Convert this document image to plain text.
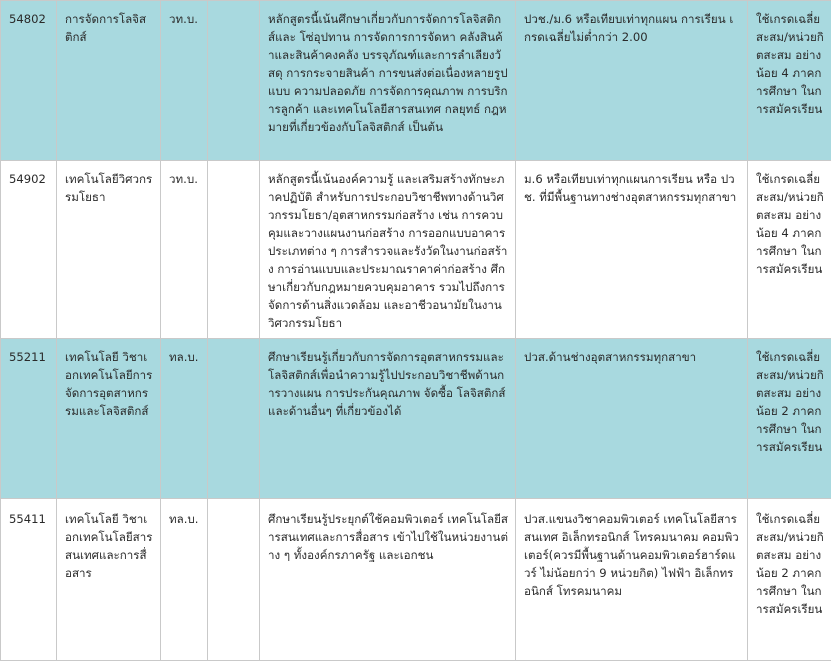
54802	การจัดการโลจิสติกส์	วท.บ.		หลักสูตรนี้เน้นศึกษาเกี่ยวกับการจัดการโลจิสติกส์และ โซ่อุปทาน การจัดการการจัดหา คลังสินค้าและสินค้าคงคลัง บรรจุภัณฑ์และการลำเลียงวัสดุ การกระจายสินค้า การขนส่งต่อเนื่องหลายรูปแบบ ความปลอดภัย การจัดการคุณภาพ การบริการลูกค้า และเทคโนโลยีสารสนเทศ กลยุทธ์ กฎหมายที่เกี่ยวข้องกับโลจิสติกส์ เป็นต้น	ปวช./ม.6 หรือเทียบเท่าทุกแผน การเรียน เกรดเฉลี่ยไม่ต่ำกว่า 2.00	ใช้เกรดเฉลี่ยสะสม/หน่วยกิตสะสม อย่างน้อย 4 ภาคการศึกษา ในการสมัครเรียน
54902	เทคโนโลยีวิศวกรรมโยธา	วท.บ.		หลักสูตรนี้เน้นองค์ความรู้ และเสริมสร้างทักษะภาคปฏิบัติ สำหรับการประกอบวิชาชีพทางด้านวิศวกรรมโยธา/อุตสาหกรรมก่อสร้าง เช่น การควบคุมและวางแผนงานก่อสร้าง การออกแบบอาคารประเภทต่าง ๆ การสำรวจและรังวัดในงานก่อสร้าง การอ่านแบบและประมาณราคาค่าก่อสร้าง ศึกษาเกี่ยวกับกฎหมายควบคุมอาคาร รวมไปถึงการจัดการด้านสิ่งแวดล้อม และอาชีวอนามัยในงานวิศวกรรมโยธา	ม.6 หรือเทียบเท่าทุกแผนการเรียน หรือ ปวช. ที่มีพื้นฐานทางช่างอุตสาหกรรมทุกสาขา	ใช้เกรดเฉลี่ยสะสม/หน่วยกิตสะสม อย่างน้อย 4 ภาคการศึกษา ในการสมัครเรียน
55211	เทคโนโลยี วิชาเอกเทคโนโลยีการจัดการอุตสาหกรรมและโลจิสติกส์	ทล.บ.		ศึกษาเรียนรู้เกี่ยวกับการจัดการอุตสาหกรรมและโลจิสติกส์เพื่อนำความรู้ไปประกอบวิชาชีพด้านการวางแผน การประกันคุณภาพ จัดซื้อ โลจิสติกส์ และด้านอื่นๆ ที่เกี่ยวข้องได้	ปวส.ด้านช่างอุตสาหกรรมทุกสาขา	ใช้เกรดเฉลี่ยสะสม/หน่วยกิตสะสม อย่างน้อย 2 ภาคการศึกษา ในการสมัครเรียน
55411	เทคโนโลยี วิชาเอกเทคโนโลยีสารสนเทศและการสื่อสาร	ทล.บ.		ศึกษาเรียนรู้ประยุกต์ใช้คอมพิวเตอร์ เทคโนโลยีสารสนเทศและการสื่อสาร เข้าไปใช้ในหน่วยงานต่าง ๆ ทั้งองค์กรภาครัฐ และเอกชน	ปวส.แขนงวิชาคอมพิวเตอร์ เทคโนโลยีสารสนเทศ อิเล็กทรอนิกส์ โทรคมนาคม คอมพิวเตอร์(ควรมีพื้นฐานด้านคอมพิวเตอร์ฮาร์ดแวร์ ไม่น้อยกว่า 9 หน่วยกิต) ไฟฟ้า อิเล็กทรอนิกส์ โทรคมนาคม	ใช้เกรดเฉลี่ยสะสม/หน่วยกิตสะสม อย่างน้อย 2 ภาคการศึกษา ในการสมัครเรียน
